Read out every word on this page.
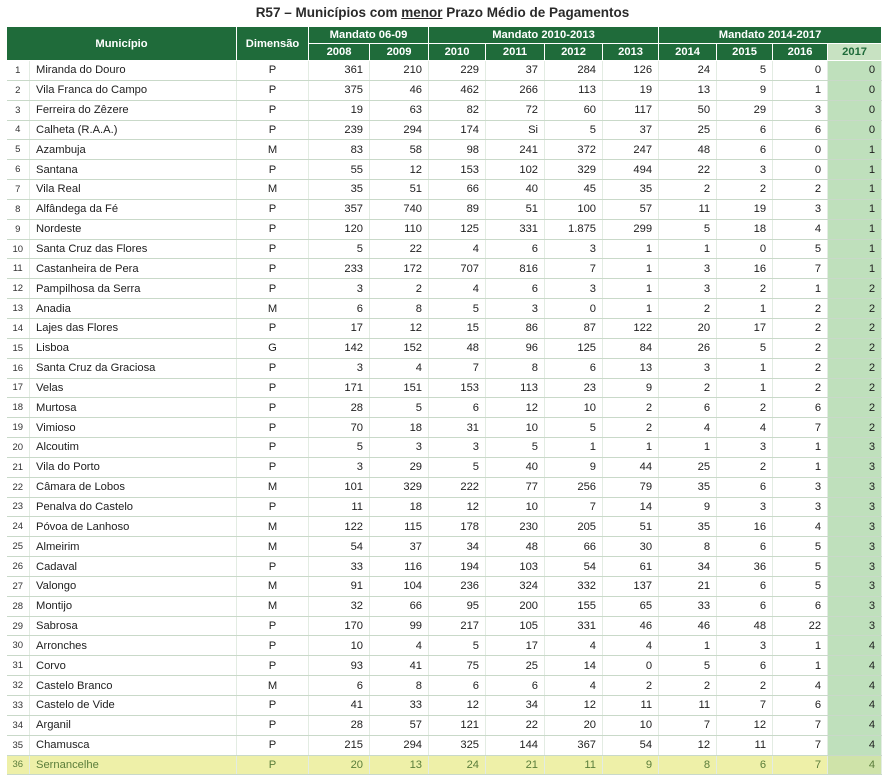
R57 – Municípios com menor Prazo Médio de Pagamentos
Município		Dimensão	Mandato 06-09		Mandato 2010-2013				Mandato 2014-2017			
			2008	2009	2010	2011	2012	2013	2014	2015	2016	2017
1	Miranda do Douro	P	361	210	229	37	284	126	24	5	0	0
2	Vila Franca do Campo	P	375	46	462	266	113	19	13	9	1	0
3	Ferreira do Zêzere	P	19	63	82	72	60	117	50	29	3	0
4	Calheta (R.A.A.)	P	239	294	174	Si	5	37	25	6	6	0
5	Azambuja	M	83	58	98	241	372	247	48	6	0	1
6	Santana	P	55	12	153	102	329	494	22	3	0	1
7	Vila Real	M	35	51	66	40	45	35	2	2	2	1
8	Alfândega da Fé	P	357	740	89	51	100	57	11	19	3	1
9	Nordeste	P	120	110	125	331	1.875	299	5	18	4	1
10	Santa Cruz das Flores	P	5	22	4	6	3	1	1	0	5	1
11	Castanheira de Pera	P	233	172	707	816	7	1	3	16	7	1
12	Pampilhosa da Serra	P	3	2	4	6	3	1	3	2	1	2
13	Anadia	M	6	8	5	3	0	1	2	1	2	2
14	Lajes das Flores	P	17	12	15	86	87	122	20	17	2	2
15	Lisboa	G	142	152	48	96	125	84	26	5	2	2
16	Santa Cruz da Graciosa	P	3	4	7	8	6	13	3	1	2	2
17	Velas	P	171	151	153	113	23	9	2	1	2	2
18	Murtosa	P	28	5	6	12	10	2	6	2	6	2
19	Vimioso	P	70	18	31	10	5	2	4	4	7	2
20	Alcoutim	P	5	3	3	5	1	1	1	3	1	3
21	Vila do Porto	P	3	29	5	40	9	44	25	2	1	3
22	Câmara de Lobos	M	101	329	222	77	256	79	35	6	3	3
23	Penalva do Castelo	P	11	18	12	10	7	14	9	3	3	3
24	Póvoa de Lanhoso	M	122	115	178	230	205	51	35	16	4	3
25	Almeirim	M	54	37	34	48	66	30	8	6	5	3
26	Cadaval	P	33	116	194	103	54	61	34	36	5	3
27	Valongo	M	91	104	236	324	332	137	21	6	5	3
28	Montijo	M	32	66	95	200	155	65	33	6	6	3
29	Sabrosa	P	170	99	217	105	331	46	46	48	22	3
30	Arronches	P	10	4	5	17	4	4	1	3	1	4
31	Corvo	P	93	41	75	25	14	0	5	6	1	4
32	Castelo Branco	M	6	8	6	6	4	2	2	2	4	4
33	Castelo de Vide	P	41	33	12	34	12	11	11	7	6	4
34	Arganil	P	28	57	121	22	20	10	7	12	7	4
35	Chamusca	P	215	294	325	144	367	54	12	11	7	4
36	Sernancelhe	P	20	13	24	21	11	9	8	6	7	4
